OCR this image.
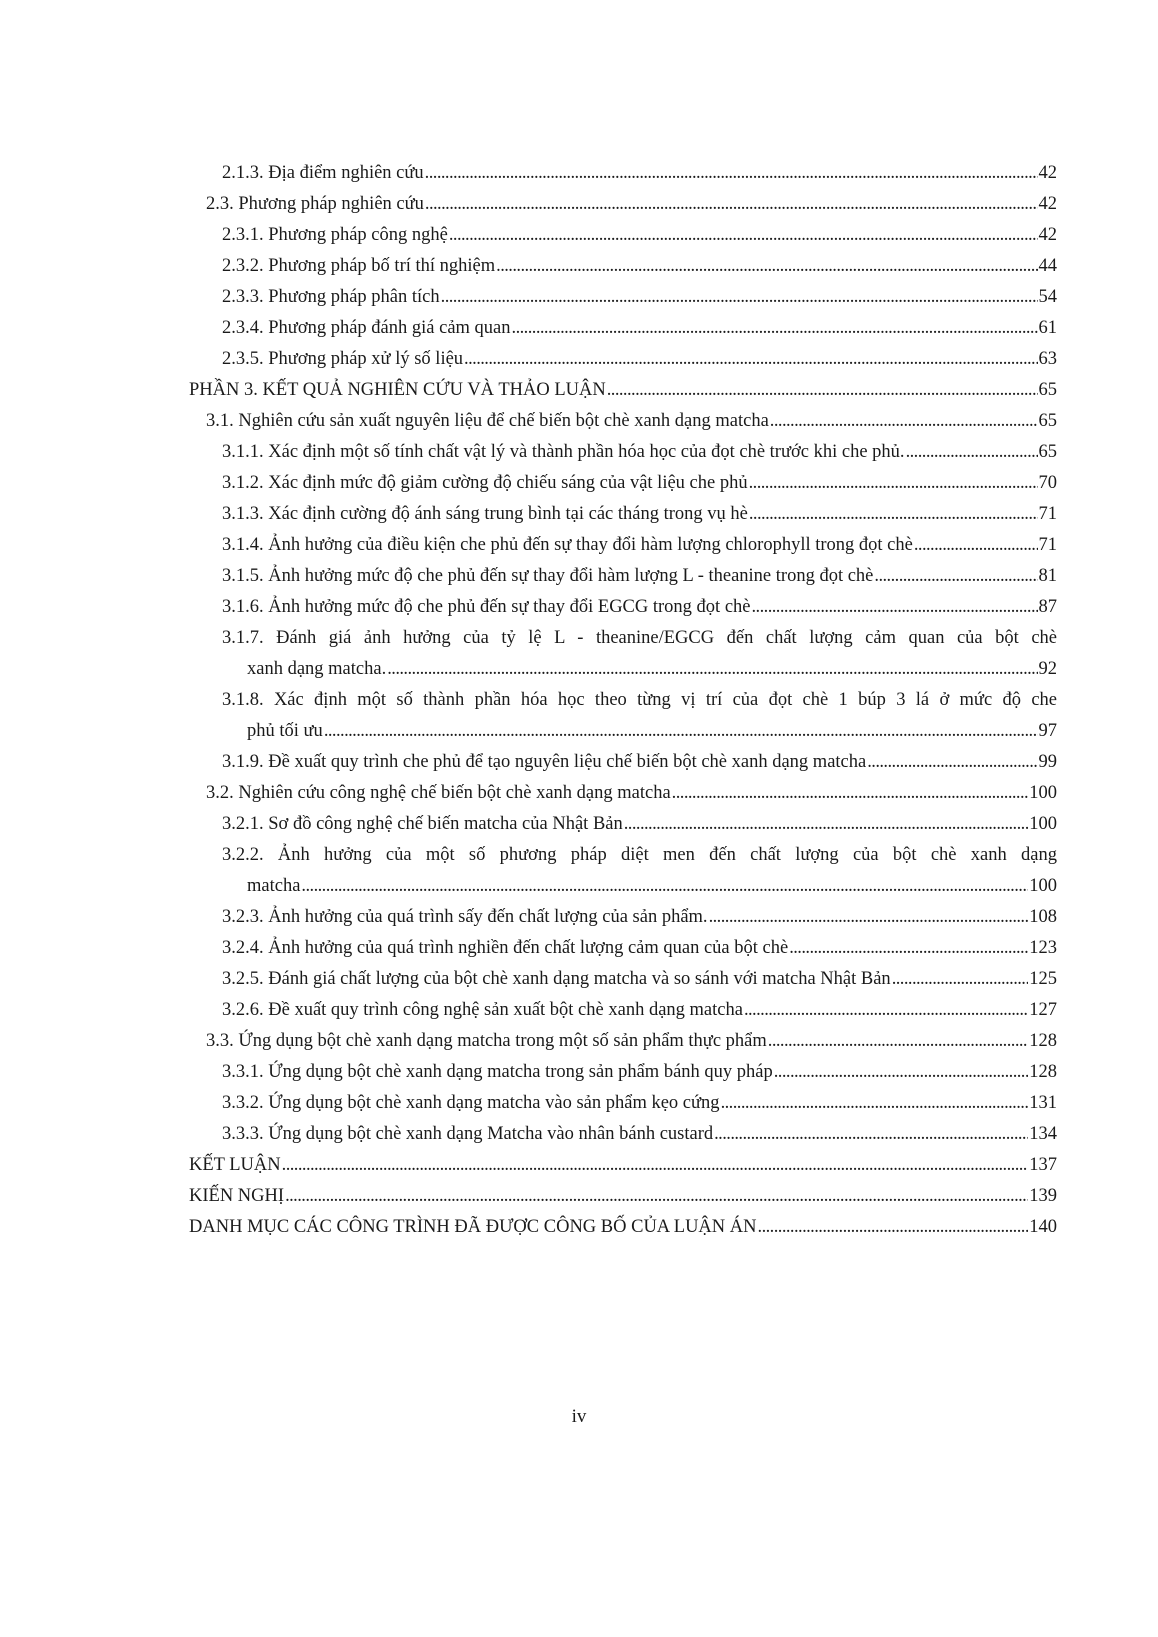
2.1.3. Địa điểm nghiên cứu . . .	42
2.3. Phương pháp nghiên cứu . . .	42
2.3.1. Phương pháp công nghệ . . .	42
2.3.2. Phương pháp bố trí thí nghiệm . . .	44
2.3.3. Phương pháp phân tích . . .	54
2.3.4. Phương pháp đánh giá cảm quan . . .	61
2.3.5. Phương pháp xử lý số liệu . . .	63
PHẦN 3. KẾT QUẢ NGHIÊN CỨU VÀ THẢO LUẬN . . .	65
3.1. Nghiên cứu sản xuất nguyên liệu để chế biến bột chè xanh dạng matcha . . .	65
3.1.1. Xác định một số tính chất vật lý và thành phần hóa học của đọt chè trước khi che phủ. . . .	65
3.1.2. Xác định mức độ giảm cường độ chiếu sáng của vật liệu che phủ . . .	70
3.1.3. Xác định cường độ ánh sáng trung bình tại các tháng trong vụ hè . . .	71
3.1.4. Ảnh hưởng của điều kiện che phủ đến sự thay đổi hàm lượng chlorophyll trong đọt chè . . .	71
3.1.5. Ảnh hưởng mức độ che phủ đến sự thay đổi hàm lượng L - theanine trong đọt chè . . .	81
3.1.6. Ảnh hưởng mức độ che phủ đến sự thay đổi EGCG trong đọt chè . . .	87
3.1.7. Đánh giá ảnh hưởng của tỷ lệ L - theanine/EGCG đến chất lượng cảm quan của bột chè
xanh dạng matcha. . . .	92
3.1.8. Xác định một số thành phần hóa học theo từng vị trí của đọt chè 1 búp 3 lá ở mức độ che
phủ tối ưu . . .	97
3.1.9. Đề xuất quy trình che phủ để tạo nguyên liệu chế biến bột chè xanh dạng matcha . . .	99
3.2. Nghiên cứu công nghệ chế biến bột chè xanh dạng matcha . . .	100
3.2.1. Sơ đồ công nghệ chế biến matcha của Nhật Bản . . .	100
3.2.2. Ảnh hưởng của một số phương pháp diệt men đến chất lượng của bột chè xanh dạng
matcha . . .	100
3.2.3. Ảnh hưởng của quá trình sấy đến chất lượng của sản phẩm. . . .	108
3.2.4. Ảnh hưởng của quá trình nghiền đến chất lượng cảm quan của bột chè . . .	123
3.2.5. Đánh giá chất lượng của bột chè xanh dạng matcha và so sánh với matcha Nhật Bản . . .	125
3.2.6. Đề xuất quy trình công nghệ sản xuất bột chè xanh dạng matcha . . .	127
3.3. Ứng dụng bột chè xanh dạng matcha trong một số sản phẩm thực phẩm . . .	128
3.3.1. Ứng dụng bột chè xanh dạng matcha trong sản phẩm bánh quy pháp . . .	128
3.3.2. Ứng dụng bột chè xanh dạng matcha vào sản phẩm kẹo cứng . . .	131
3.3.3. Ứng dụng bột chè xanh dạng Matcha vào nhân bánh custard . . .	134
KẾT LUẬN . . .	137
KIẾN NGHỊ . . .	139
DANH MỤC CÁC CÔNG TRÌNH ĐÃ ĐƯỢC CÔNG BỐ CỦA LUẬN ÁN . . .	140
iv
